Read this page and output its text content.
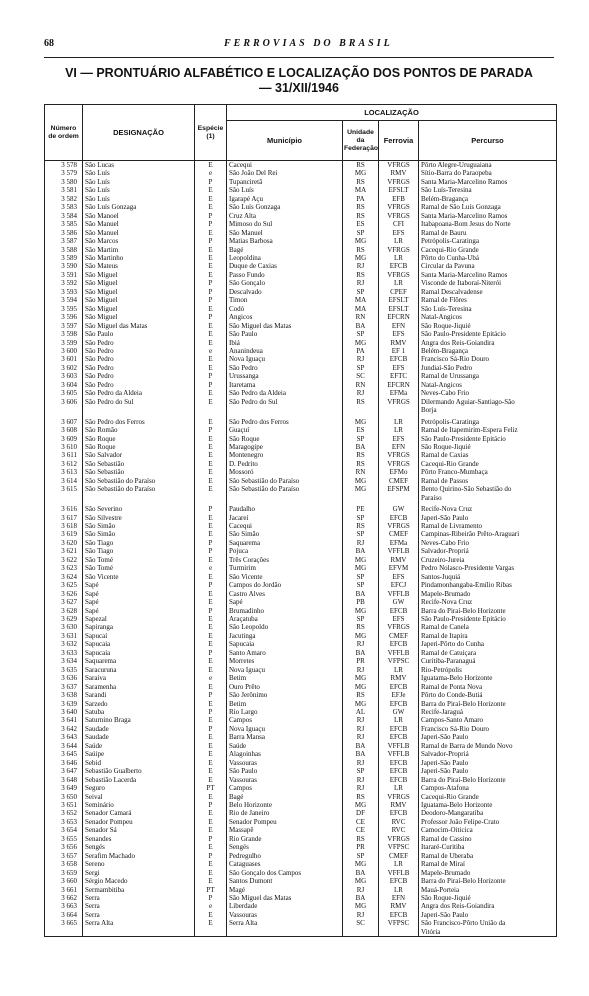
68	FERROVIAS DO BRASIL
VI — PRONTUÁRIO ALFABÉTICO E LOCALIZAÇÃO DOS PONTOS DE PARADA
— 31/XII/1946
Número de ordem	DESIGNAÇÃO	Espécie (1)	LOCALIZAÇÃO			
			Município	Unidade da Federação	Ferrovia	Percurso
3 578	São Lucas	E	Cacequi	RS	VFRGS	Pôrto Alegre-Uruguaiana
3 579	São Luís	e	São João Del Rei	MG	RMV	Sítio-Barra do Paraopeba
3 580	São Luís	P	Tupanciretã	RS	VFRGS	Santa Maria-Marcelino Ramos
3 581	São Luís	E	São Luís	MA	EFSLT	São Luís-Teresina
3 582	São Luís	E	Igarapé Açu	PA	EFB	Belém-Bragança
3 583	São Luís Gonzaga	E	São Luís Gonzaga	RS	VFRGS	Ramal de São Luís Gonzaga
3 584	São Manoel	P	Cruz Alta	RS	VFRGS	Santa Maria-Marcelino Ramos
3 585	São Manuel	P	Mimoso do Sul	ES	CFI	Itabapoana-Bom Jesus do Norte
3 586	São Manuel	E	São Manuel	SP	EFS	Ramal de Bauru
3 587	São Marcos	P	Matias Barbosa	MG	LR	Petrópolis-Caratinga
3 588	São Martim	E	Bagé	RS	VFRGS	Cacequi-Rio Grande
3 589	São Martinho	E	Leopoldina	MG	LR	Pôrto do Cunha-Ubá
3 590	São Mateus	E	Duque de Caxias	RJ	EFCB	Circular da Pavuna
3 591	São Miguel	E	Passo Fundo	RS	VFRGS	Santa Maria-Marcelino Ramos
3 592	São Miguel	P	São Gonçalo	RJ	LR	Visconde de Itaboraí-Niterói
3 593	São Miguel	P	Descalvado	SP	CPEF	Ramal Descalvadense
3 594	São Miguel	P	Timon	MA	EFSLT	Ramal de Flôres
3 595	São Miguel	E	Codó	MA	EFSLT	São Luís-Teresina
3 596	São Miguel	P	Angicos	RN	EFCRN	Natal-Angicos
3 597	São Miguel das Matas	E	São Miguel das Matas	BA	EFN	São Roque-Jiquié
3 598	São Paulo	E	São Paulo	SP	EFS	São Paulo-Presidente Epitácio
3 599	São Pedro	E	Ibiá	MG	RMV	Angra dos Reis-Goiandira
3 600	São Pedro	e	Ananindeua	PA	EF 1	Belém-Bragança
3 601	São Pedro	E	Nova Iguaçu	RJ	EFCB	Francisco Sá-Rio Douro
3 602	São Pedro	E	São Pedro	SP	EFS	Jundiaí-São Pedro
3 603	São Pedro	P	Urussanga	SC	EFTC	Ramal de Urussanga
3 604	São Pedro	P	Itaretama	RN	EFCRN	Natal-Angicos
3 605	São Pedro da Aldeia	E	São Pedro da Aldeia	RJ	EFMa	Neves-Cabo Frio
3 606	São Pedro do Sul	E	São Pedro do Sul	RS	VFRGS	Dilermando Aguiar-Santiago-São
						Borja
3 607	São Pedro dos Ferros	E	São Pedro dos Ferros	MG	LR	Petrópolis-Caratinga
3 608	São Romão	P	Guaçuí	ES	LR	Ramal de Itapemirim-Espera Feliz
3 609	São Roque	E	São Roque	SP	EFS	São Paulo-Presidente Epitácio
3 610	São Roque	E	Maragogipe	BA	EFN	São Roque-Jiquié
3 611	São Salvador	E	Montenegro	RS	VFRGS	Ramal de Caxias
3 612	São Sebastião	E	D. Pedrito	RS	VFRGS	Cacequi-Rio Grande
3 613	São Sebastião	E	Mossoró	RN	EFMo	Pôrto Franco-Mumbaça
3 614	São Sebastião do Paraíso	E	São Sebastião do Paraíso	MG	CMEF	Ramal de Passos
3 615	São Sebastião do Paraíso	E	São Sebastião do Paraíso	MG	EFSPM	Bento Quirino-São Sebastião do
						Paraíso
3 616	São Severino	P	Paudalho	PE	GW	Recife-Nova Cruz
3 617	São Silvestre	E	Jacareí	SP	EFCB	Japeri-São Paulo
3 618	São Simão	E	Cacequi	RS	VFRGS	Ramal de Livramento
3 619	São Simão	E	São Simão	SP	CMEF	Campinas-Ribeirão Prêto-Araguari
3 620	São Tiago	P	Saquarema	RJ	EFMa	Neves-Cabo Frio
3 621	São Tiago	P	Pojuca	BA	VFFLB	Salvador-Propriá
3 622	São Tomé	E	Três Corações	MG	RMV	Cruzeiro-Jureia
3 623	São Tomé	e	Turmirim	MG	EFVM	Pedro Nolasco-Presidente Vargas
3 624	São Vicente	E	São Vicente	SP	EFS	Santos-Juquiá
3 625	Sapé	P	Campos do Jordão	SP	EFCJ	Pindamonhangaba-Emílio Ribas
3 626	Sapé	E	Castro Alves	BA	VFFLB	Mapele-Brumado
3 627	Sapé	E	Sapé	PB	GW	Recife-Nova Cruz
3 628	Sapé	P	Brumadinho	MG	EFCB	Barra do Piraí-Belo Horizonte
3 629	Sapezal	E	Araçatuba	SP	EFS	São Paulo-Presidente Epitácio
3 630	Sapiranga	E	São Leopoldo	RS	VFRGS	Ramal de Canela
3 631	Sapucaí	E	Jacutinga	MG	CMEF	Ramal de Itapira
3 632	Sapucaia	E	Sapucaia	RJ	EFCB	Japeri-Pôrto do Cunha
3 633	Sapucaia	P	Santo Amaro	BA	VFFLB	Ramal de Catuiçara
3 634	Saquarema	E	Morretes	PR	VFPSC	Curitiba-Paranaguá
3 635	Saracuruna	E	Nova Iguaçu	RJ	LR	Rio-Petrópolis
3 636	Saraiva	e	Betim	MG	RMV	Iguatama-Belo Horizonte
3 637	Saramenha	E	Ouro Prêto	MG	EFCB	Ramal de Ponta Nova
3 638	Sarandi	P	São Jerônimo	RS	EFJe	Pôrto do Conde-Butiá
3 639	Sarzedo	E	Betim	MG	EFCB	Barra do Piraí-Belo Horizonte
3 640	Satuba	P	Rio Largo	AL	GW	Recife-Jaraguá
3 641	Saturnino Braga	E	Campos	RJ	LR	Campos-Santo Amaro
3 642	Saudade	P	Nova Iguaçu	RJ	EFCB	Francisco Sá-Rio Douro
3 643	Saudade	E	Barra Mansa	RJ	EFCB	Japeri-São Paulo
3 644	Saúde	E	Saúde	BA	VFFLB	Ramal de Barra de Mundo Novo
3 645	Saúipe	E	Alagoinhas	BA	VFFLB	Salvador-Propriá
3 646	Sebid	E	Vassouras	RJ	EFCB	Japeri-São Paulo
3 647	Sebastião Gualberto	E	São Paulo	SP	EFCB	Japeri-São Paulo
3 648	Sebastião Lacerda	E	Vassouras	RJ	EFCB	Barra do Piraí-Belo Horizonte
3 649	Seguro	PT	Campos	RJ	LR	Campos-Atafona
3 650	Seival	E	Bagé	RS	VFRGS	Cacequi-Rio Grande
3 651	Seminário	P	Belo Horizonte	MG	RMV	Iguatama-Belo Horizonte
3 652	Senador Camará	E	Rio de Janeiro	DF	EFCB	Deodoro-Mangaratiba
3 653	Senador Pompeu	E	Senador Pompeu	CE	RVC	Professor João Felipe-Crato
3 654	Senador Sá	E	Massapê	CE	RVC	Camocim-Oiticica
3 655	Senandes	P	Rio Grande	RS	VFRGS	Ramal de Cassino
3 656	Sengés	E	Sengés	PR	VFPSC	Itararé-Curitiba
3 657	Serafim Machado	P	Pedregulho	SP	CMEF	Ramal de Uberaba
3 658	Sereno	E	Cataguases	MG	LR	Ramal de Miraí
3 659	Sergi	E	São Gonçalo dos Campos	BA	VFFLB	Mapele-Brumado
3 660	Sérgio Macedo	E	Santos Dumont	MG	EFCB	Barra do Piraí-Belo Horizonte
3 661	Sermambitiba	PT	Magé	RJ	LR	Mauá-Porteia
3 662	Serra	P	São Miguel das Matas	BA	EFN	São Roque-Jiquié
3 663	Serra	e	Liberdade	MG	RMV	Angra dos Reis-Goiandira
3 664	Serra	E	Vassouras	RJ	EFCB	Japeri-São Paulo
3 665	Serra Alta	E	Serra Alta	SC	VFPSC	São Francisco-Pôrto União da
						Vitória
